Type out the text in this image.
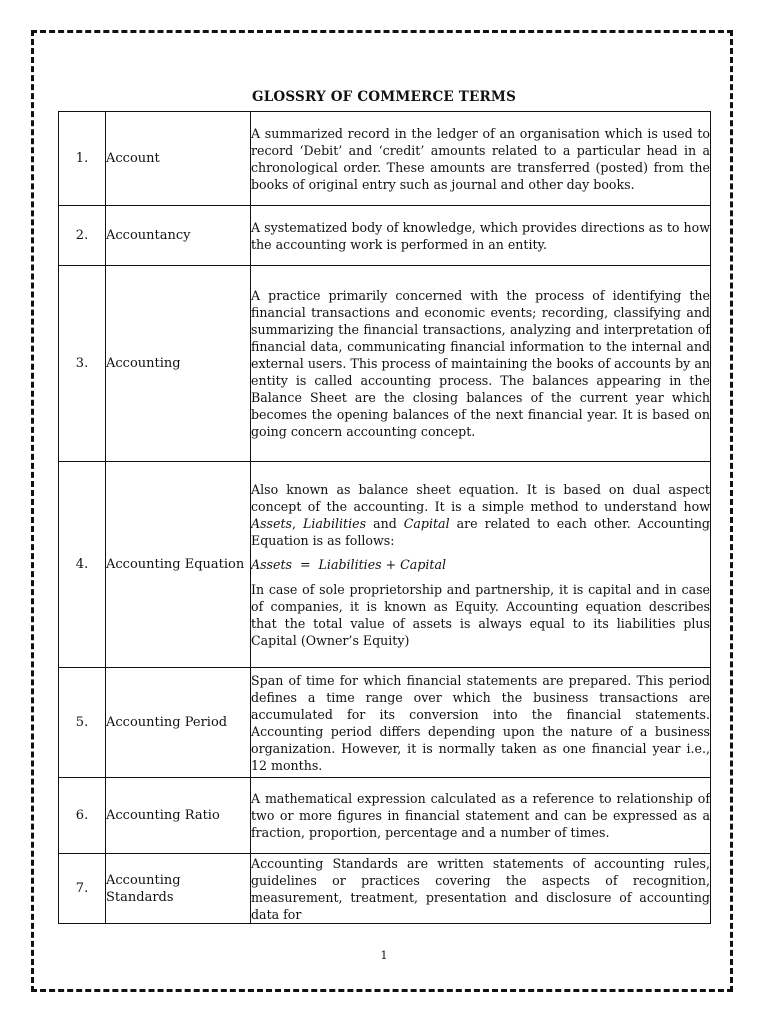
GLOSSRY OF COMMERCE TERMS
1.	Account	A summarized record in the ledger of an organisation which is used to record ‘Debit’ and ‘credit’ amounts related to a particular head in a chronological order. These amounts are transferred (posted) from the books of original entry such as journal and other day books.

2.	Accountancy	A systematized body of knowledge, which provides directions as to how the accounting work is performed in an entity.

3.	Accounting	A practice primarily concerned with the process of identifying the financial transactions and economic events; recording, classifying and summarizing the financial transactions, analyzing and interpretation of financial data, communicating financial information to the internal and external users. This process of maintaining the books of accounts by an entity is called accounting process. The balances appearing in the Balance Sheet are the closing balances of the current year which becomes the opening balances of the next financial year. It is based on going concern accounting concept.

4.	Accounting Equation	Also known as balance sheet equation. It is based on dual aspect concept of the accounting. It is a simple method to understand how Assets, Liabilities and Capital are related to each other. Accounting Equation is as follows:

Assets  =  Liabilities + Capital

In case of sole proprietorship and partnership, it is capital and in case of companies, it is known as Equity. Accounting equation describes that the total value of assets is always equal to its liabilities plus Capital (Owner’s Equity)

5.	Accounting Period	Span of time for which financial statements are prepared. This period defines a time range over which the business transactions are accumulated for its conversion into the financial statements. Accounting period differs depending upon the nature of a business organization. However, it is normally taken as one financial year i.e., 12 months.

6.	Accounting Ratio	A mathematical expression calculated as a reference to relationship of two or more figures in financial statement and can be expressed as a fraction, proportion, percentage and a number of times.

7.	Accounting Standards	Accounting Standards are written statements of accounting rules, guidelines or practices covering the aspects of recognition, measurement, treatment, presentation and disclosure of accounting data for

1
